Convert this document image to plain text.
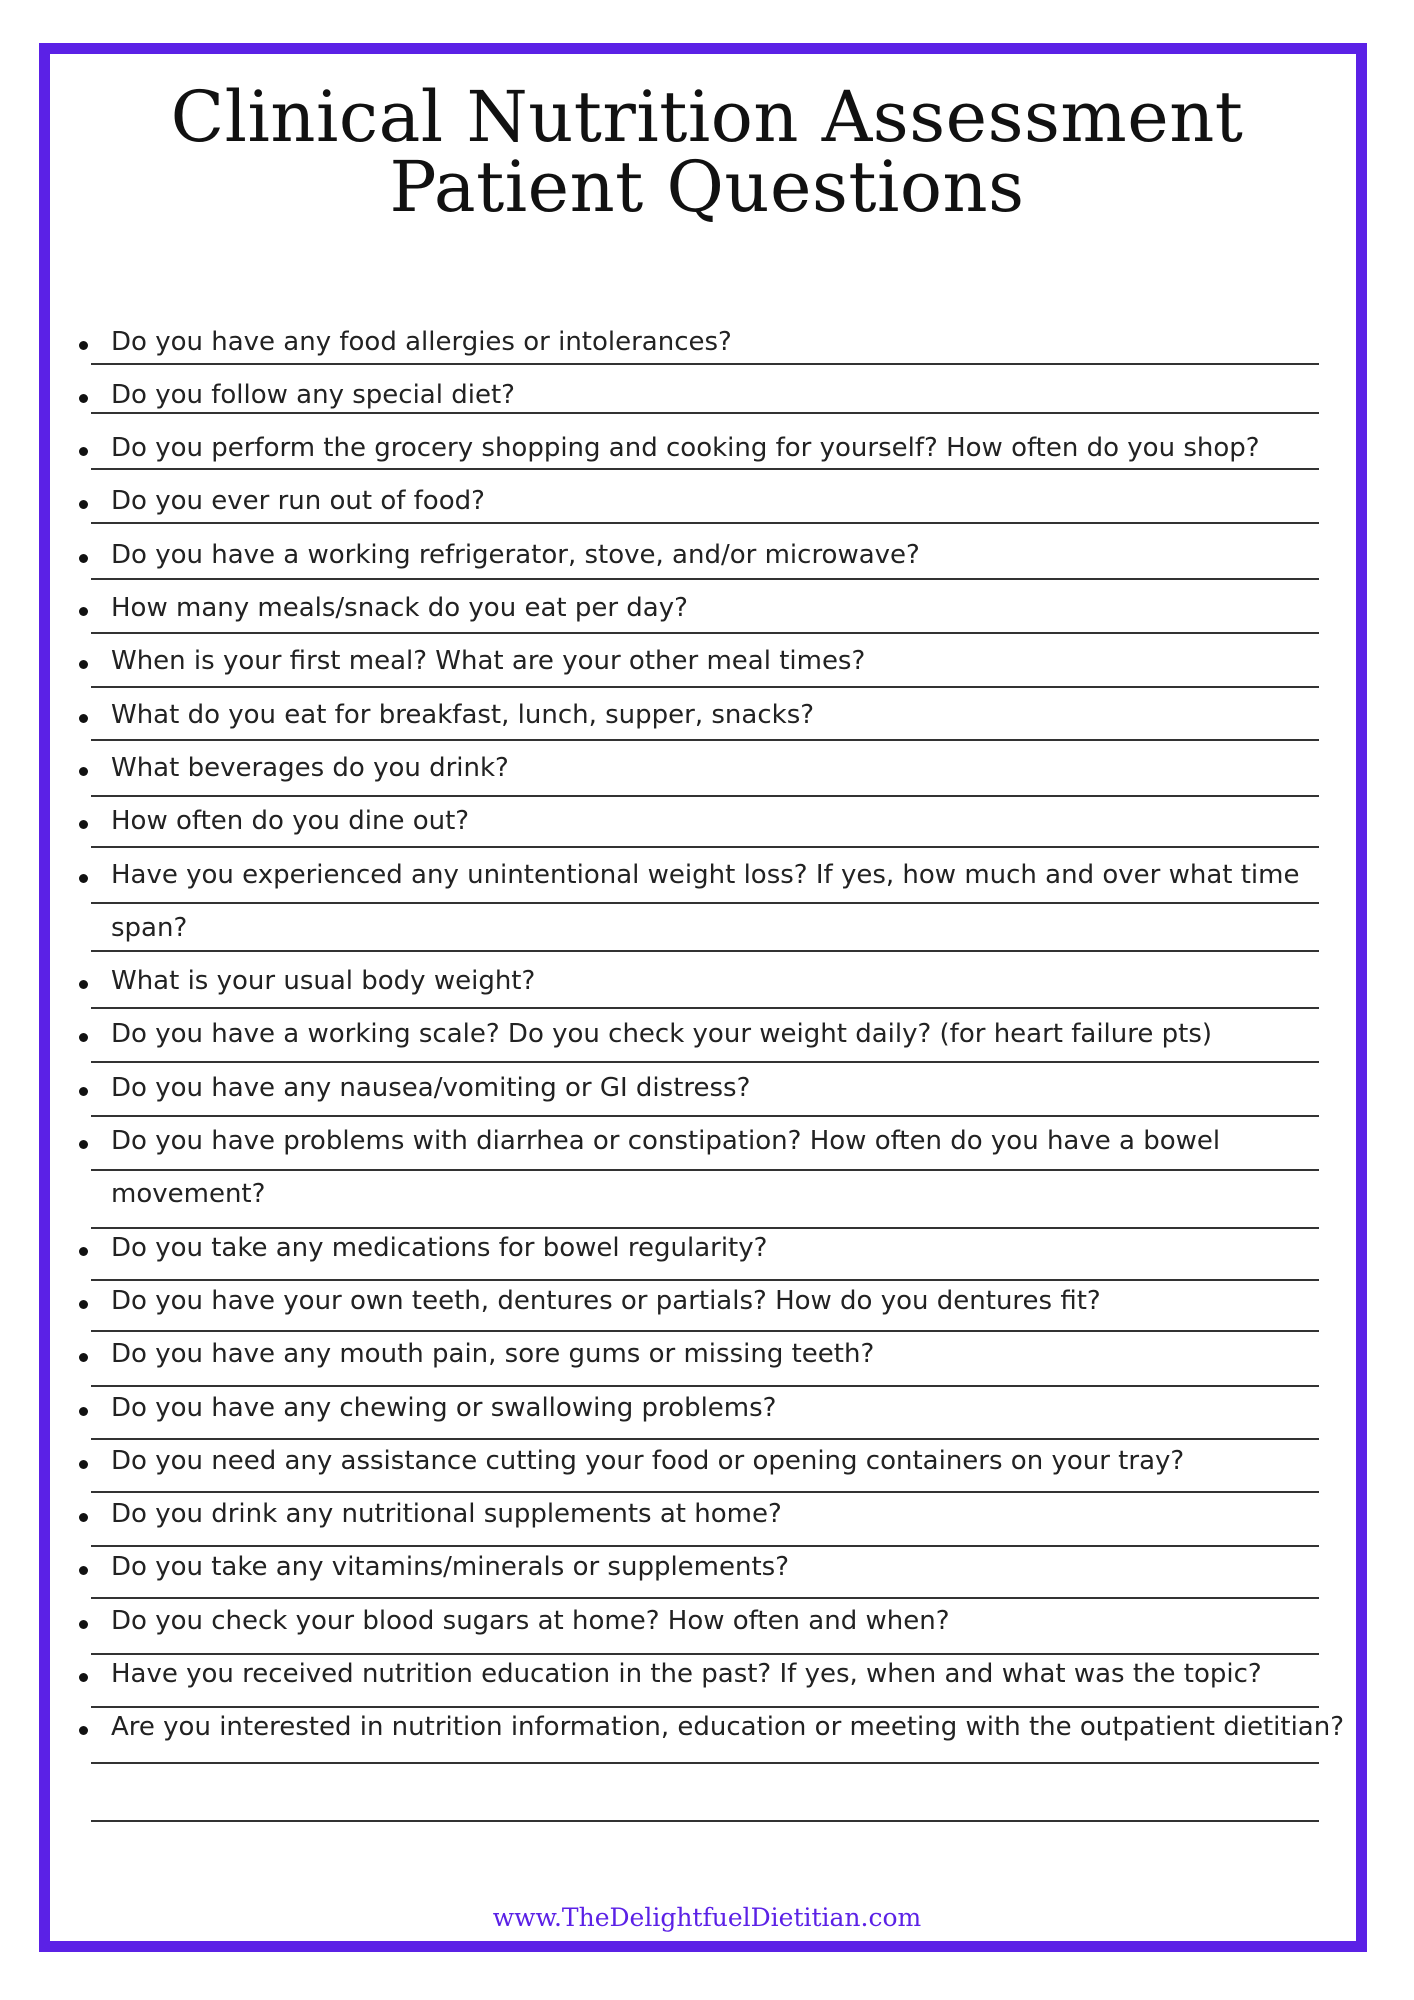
Clinical Nutrition Assessment
Patient Questions
Do you have any food allergies or intolerances?
Do you follow any special diet?
Do you perform the grocery shopping and cooking for yourself? How often do you shop?
Do you ever run out of food?
Do you have a working refrigerator, stove, and/or microwave?
How many meals/snack do you eat per day?
When is your first meal? What are your other meal times?
What do you eat for breakfast, lunch, supper, snacks?
What beverages do you drink?
How often do you dine out?
Have you experienced any unintentional weight loss? If yes, how much and over what time
span?
What is your usual body weight?
Do you have a working scale? Do you check your weight daily? (for heart failure pts)
Do you have any nausea/vomiting or GI distress?
Do you have problems with diarrhea or constipation? How often do you have a bowel
movement?
Do you take any medications for bowel regularity?
Do you have your own teeth, dentures or partials? How do you dentures fit?
Do you have any mouth pain, sore gums or missing teeth?
Do you have any chewing or swallowing problems?
Do you need any assistance cutting your food or opening containers on your tray?
Do you drink any nutritional supplements at home?
Do you take any vitamins/minerals or supplements?
Do you check your blood sugars at home? How often and when?
Have you received nutrition education in the past? If yes, when and what was the topic?
Are you interested in nutrition information, education or meeting with the outpatient dietitian?
www.TheDelightfuelDietitian.com
